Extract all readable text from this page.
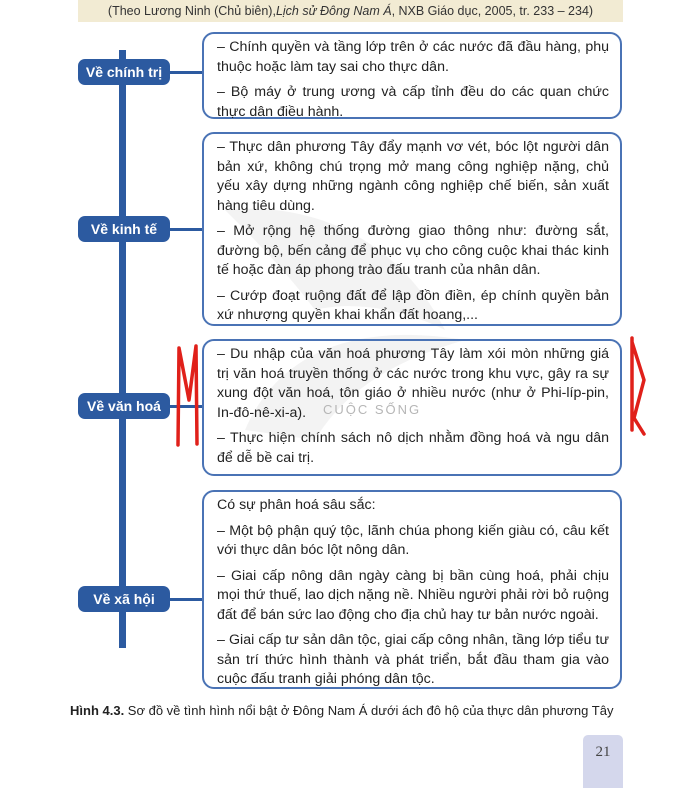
(Theo Lương Ninh (Chủ biên), Lịch sử Đông Nam Á , NXB Giáo dục, 2005, tr. 233 – 234)
CUỘC SỐNG
Về chính trị
Về kinh tế
Về văn hoá
Về xã hội

– Chính quyền và tầng lớp trên ở các nước đã đầu hàng, phụ thuộc hoặc làm tay sai cho thực dân.

– Bộ máy ở trung ương và cấp tỉnh đều do các quan chức thực dân điều hành.

– Thực dân phương Tây đẩy mạnh vơ vét, bóc lột người dân bản xứ, không chú trọng mở mang công nghiệp nặng, chủ yếu xây dựng những ngành công nghiệp chế biến, sản xuất hàng tiêu dùng.

– Mở rộng hệ thống đường giao thông như: đường sắt, đường bộ, bến cảng để phục vụ cho công cuộc khai thác kinh tế hoặc đàn áp phong trào đấu tranh của nhân dân.

– Cướp đoạt ruộng đất để lập đồn điền, ép chính quyền bản xứ nhượng quyền khai khẩn đất hoang,...

– Du nhập của văn hoá phương Tây làm xói mòn những giá trị văn hoá truyền thống ở các nước trong khu vực, gây ra sự xung đột văn hoá, tôn giáo ở nhiều nước (như ở Phi-líp-pin, In-đô-nê-xi-a).

– Thực hiện chính sách nô dịch nhằm đồng hoá và ngu dân để dễ bề cai trị.

Có sự phân hoá sâu sắc:

– Một bộ phận quý tộc, lãnh chúa phong kiến giàu có, câu kết với thực dân bóc lột nông dân.

– Giai cấp nông dân ngày càng bị bần cùng hoá, phải chịu mọi thứ thuế, lao dịch nặng nề. Nhiều người phải rời bỏ ruộng đất để bán sức lao động cho địa chủ hay tư bản nước ngoài.

– Giai cấp tư sản dân tộc, giai cấp công nhân, tầng lớp tiểu tư sản trí thức hình thành và phát triển, bắt đầu tham gia vào cuộc đấu tranh giải phóng dân tộc.

Hình 4.3. Sơ đồ về tình hình nổi bật ở Đông Nam Á dưới ách đô hộ của thực dân phương Tây
21
